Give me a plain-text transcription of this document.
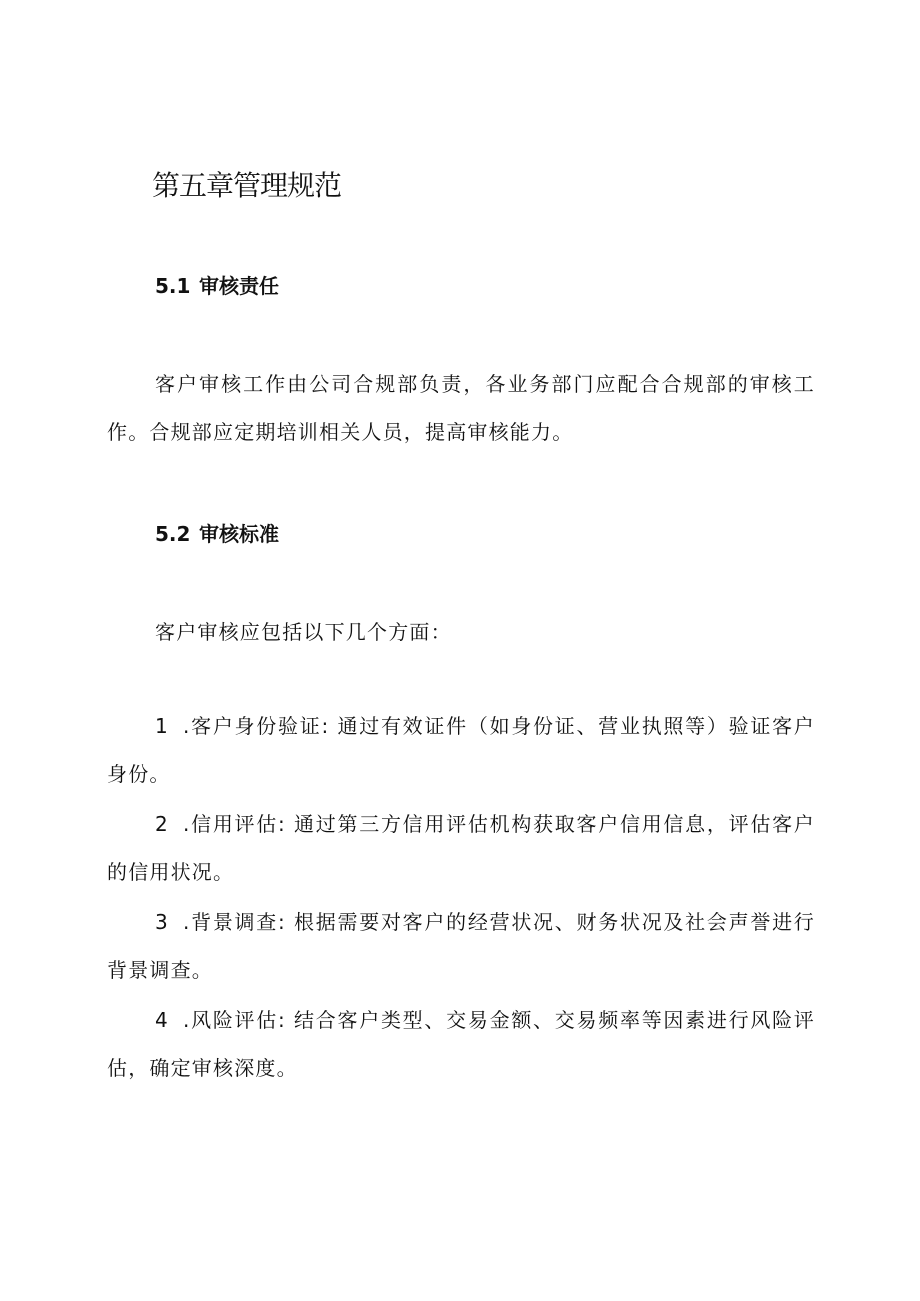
第五章管理规范
5.1 审核责任

客户审核工作由公司合规部负责，各业务部门应配合合规部的审核工作。合规部应定期培训相关人员，提高审核能力。

5.2 审核标准

客户审核应包括以下几个方面：

1 .客户身份验证: 通过有效证件（如身份证、营业执照等）验证客户身份。

2 .信用评估: 通过第三方信用评估机构获取客户信用信息，评估客户的信用状况。

3 .背景调查: 根据需要对客户的经营状况、财务状况及社会声誉进行背景调查。

4 .风险评估: 结合客户类型、交易金额、交易频率等因素进行风险评估，确定审核深度。
